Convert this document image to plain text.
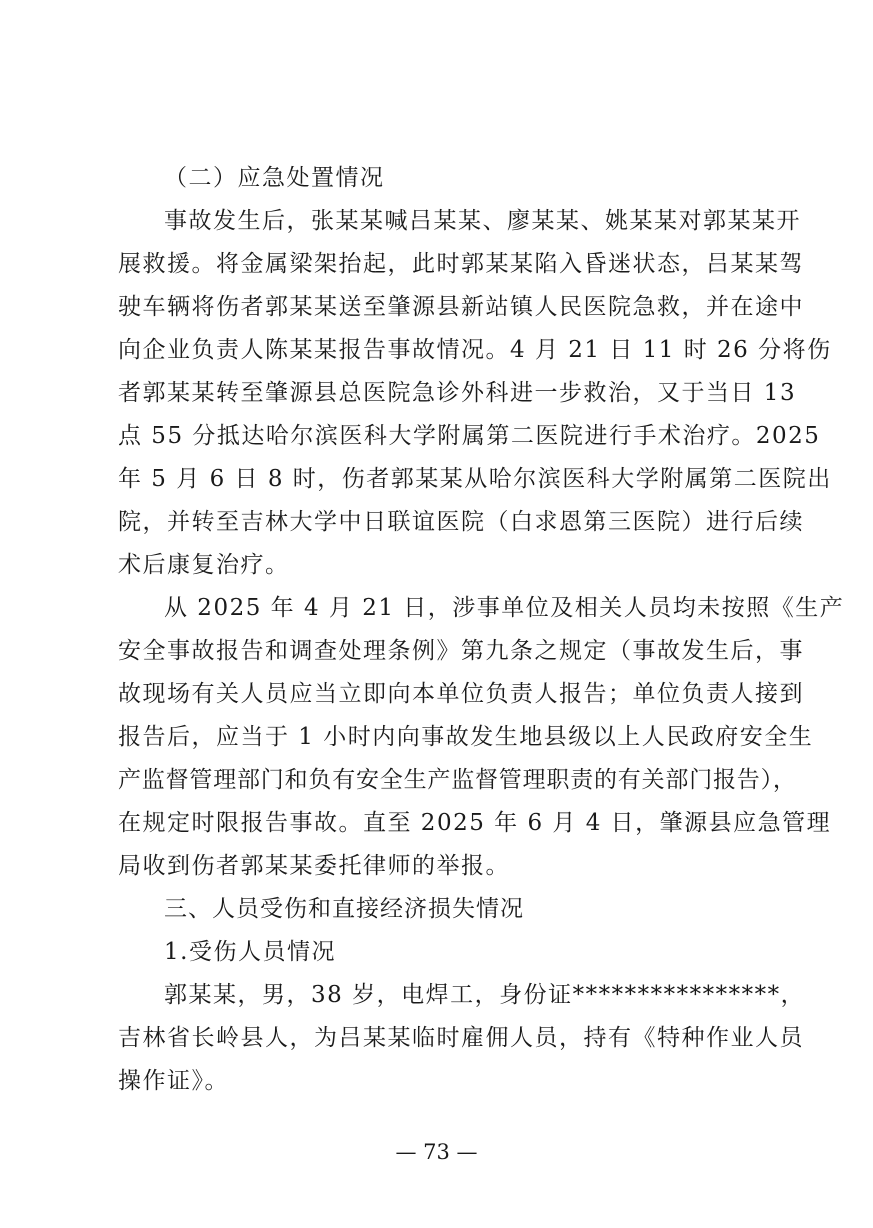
（二）应急处置情况
事故发生后，张某某喊吕某某、廖某某、姚某某对郭某某开
展救援。将金属梁架抬起，此时郭某某陷入昏迷状态，吕某某驾
驶车辆将伤者郭某某送至肇源县新站镇人民医院急救，并在途中
向企业负责人陈某某报告事故情况。4 月 21 日 11 时 26 分将伤
者郭某某转至肇源县总医院急诊外科进一步救治，又于当日 13
点 55 分抵达哈尔滨医科大学附属第二医院进行手术治疗。2025
年 5 月 6 日 8 时，伤者郭某某从哈尔滨医科大学附属第二医院出
院，并转至吉林大学中日联谊医院（白求恩第三医院）进行后续
术后康复治疗。
从 2025 年 4 月 21 日，涉事单位及相关人员均未按照《生产
安全事故报告和调查处理条例》第九条之规定（事故发生后，事
故现场有关人员应当立即向本单位负责人报告；单位负责人接到
报告后，应当于 1 小时内向事故发生地县级以上人民政府安全生
产监督管理部门和负有安全生产监督管理职责的有关部门报告），
在规定时限报告事故。直至 2025 年 6 月 4 日，肇源县应急管理
局收到伤者郭某某委托律师的举报。
三、人员受伤和直接经济损失情况
1.受伤人员情况
郭某某，男，38 岁，电焊工，身份证****************，
吉林省长岭县人，为吕某某临时雇佣人员，持有《特种作业人员
操作证》。
— 73 —
